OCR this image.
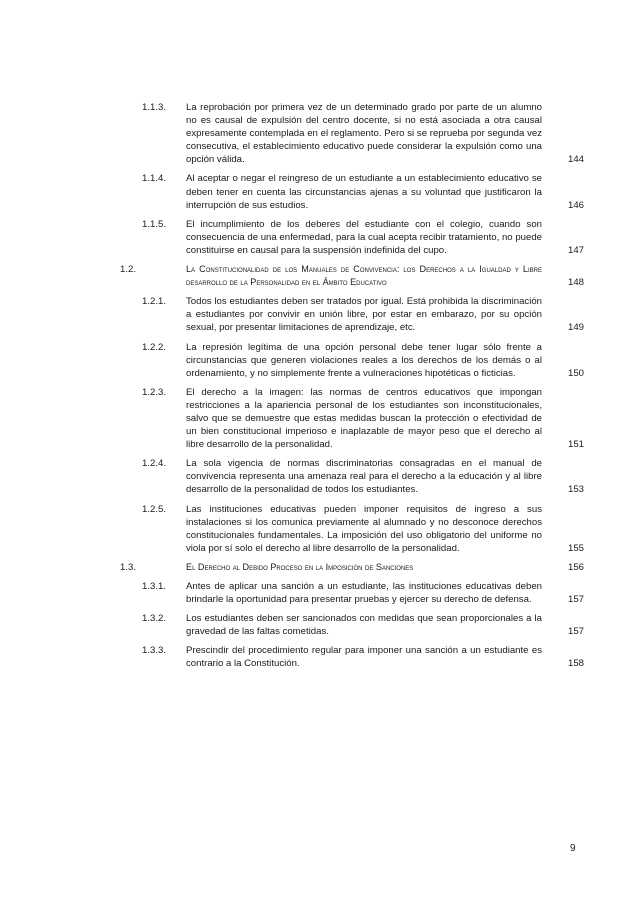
1.1.3. La reprobación por primera vez de un determinado grado por parte de un alumno no es causal de expulsión del centro docente, si no está asociada a otra causal expresamente contemplada en el reglamento. Pero si se reprueba por segunda vez consecutiva, el establecimiento educativo puede considerar la expulsión como una opción válida.	144
1.1.4. Al aceptar o negar el reingreso de un estudiante a un establecimiento educativo se deben tener en cuenta las circunstancias ajenas a su voluntad que justificaron la interrupción de sus estudios.	146
1.1.5. El incumplimiento de los deberes del estudiante con el colegio, cuando son consecuencia de una enfermedad, para la cual acepta recibir tratamiento, no puede constituirse en causal para la suspensión indefinida del cupo.	147
1.2.	La Constitucionalidad de los Manuales de Convivencia: los Derechos a la Igualdad y Libre desarrollo de la Personalidad en el Ámbito Educativo	148
1.2.1. Todos los estudiantes deben ser tratados por igual. Está prohibida la discriminación a estudiantes por convivir en unión libre, por estar en embarazo, por su opción sexual, por presentar limitaciones de aprendizaje, etc.	149
1.2.2. La represión legítima de una opción personal debe tener lugar sólo frente a circunstancias que generen violaciones reales a los derechos de los demás o al ordenamiento, y no simplemente frente a vulneraciones hipotéticas o ficticias.	150
1.2.3. El derecho a la imagen: las normas de centros educativos que impongan restricciones a la apariencia personal de los estudiantes son inconstitucionales, salvo que se demuestre que estas medidas buscan la protección o efectividad de un bien constitucional imperioso e inaplazable de mayor peso que el derecho al libre desarrollo de la personalidad.	151
1.2.4. La sola vigencia de normas discriminatorias consagradas en el manual de convivencia representa una amenaza real para el derecho a la educación y al libre desarrollo de la personalidad de todos los estudiantes.	153
1.2.5. Las instituciones educativas pueden imponer requisitos de ingreso a sus instalaciones si los comunica previamente al alumnado y no desconoce derechos constitucionales fundamentales. La imposición del uso obligatorio del uniforme no viola por sí solo el derecho al libre desarrollo de la personalidad.	155
1.3.	El Derecho al Debido Proceso en la Imposición de Sanciones	156
1.3.1. Antes de aplicar una sanción a un estudiante, las instituciones educativas deben brindarle la oportunidad para presentar pruebas y ejercer su derecho de defensa.	157
1.3.2. Los estudiantes deben ser sancionados con medidas que sean proporcionales a la gravedad de las faltas cometidas.	157
1.3.3. Prescindir del procedimiento regular para imponer una sanción a un estudiante es contrario a la Constitución.	158
9
